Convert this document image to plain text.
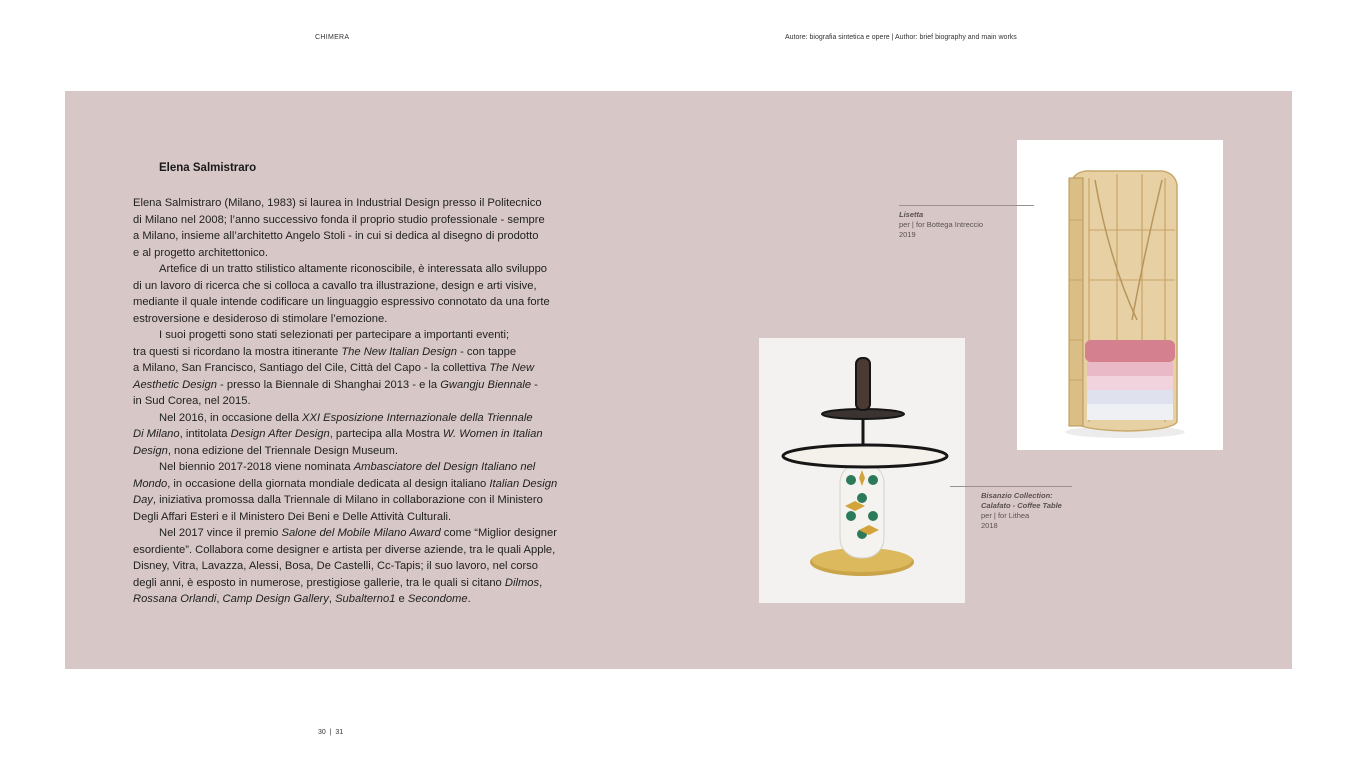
CHIMERA	Autore: biografia sintetica e opere | Author: brief biography and main works
Elena Salmistraro

Elena Salmistraro (Milano, 1983) si laurea in Industrial Design presso il Politecnico
di Milano nel 2008; l’anno successivo fonda il proprio studio professionale - sempre
a Milano, insieme all’architetto Angelo Stoli - in cui si dedica al disegno di prodotto
e al progetto architettonico.

Artefice di un tratto stilistico altamente riconoscibile, è interessata allo sviluppo
di un lavoro di ricerca che si colloca a cavallo tra illustrazione, design e arti visive,
mediante il quale intende codificare un linguaggio espressivo connotato da una forte
estroversione e desideroso di stimolare l’emozione.

I suoi progetti sono stati selezionati per partecipare a importanti eventi;
tra questi si ricordano la mostra itinerante The New Italian Design - con tappe
a Milano, San Francisco, Santiago del Cile, Città del Capo - la collettiva The New
Aesthetic Design - presso la Biennale di Shanghai 2013 - e la Gwangju Biennale -
in Sud Corea, nel 2015.

Nel 2016, in occasione della XXI Esposizione Internazionale della Triennale
Di Milano, intitolata Design After Design, partecipa alla Mostra W. Women in Italian
Design, nona edizione del Triennale Design Museum.

Nel biennio 2017-2018 viene nominata Ambasciatore del Design Italiano nel
Mondo, in occasione della giornata mondiale dedicata al design italiano Italian Design
Day, iniziativa promossa dalla Triennale di Milano in collaborazione con il Ministero
Degli Affari Esteri e il Ministero Dei Beni e Delle Attività Culturali.

Nel 2017 vince il premio Salone del Mobile Milano Award come “Miglior designer
esordiente”. Collabora come designer e artista per diverse aziende, tra le quali Apple,
Disney, Vitra, Lavazza, Alessi, Bosa, De Castelli, Cc-Tapis; il suo lavoro, nel corso
degli anni, è esposto in numerose, prestigiose gallerie, tra le quali si citano Dilmos,
Rossana Orlandi, Camp Design Gallery, Subalterno1 e Secondome.

Lisetta
per | for Bottega Intreccio
2019
Bisanzio Collection:
Calafato - Coffee Table
per | for Lithea
2018
30  |  31
